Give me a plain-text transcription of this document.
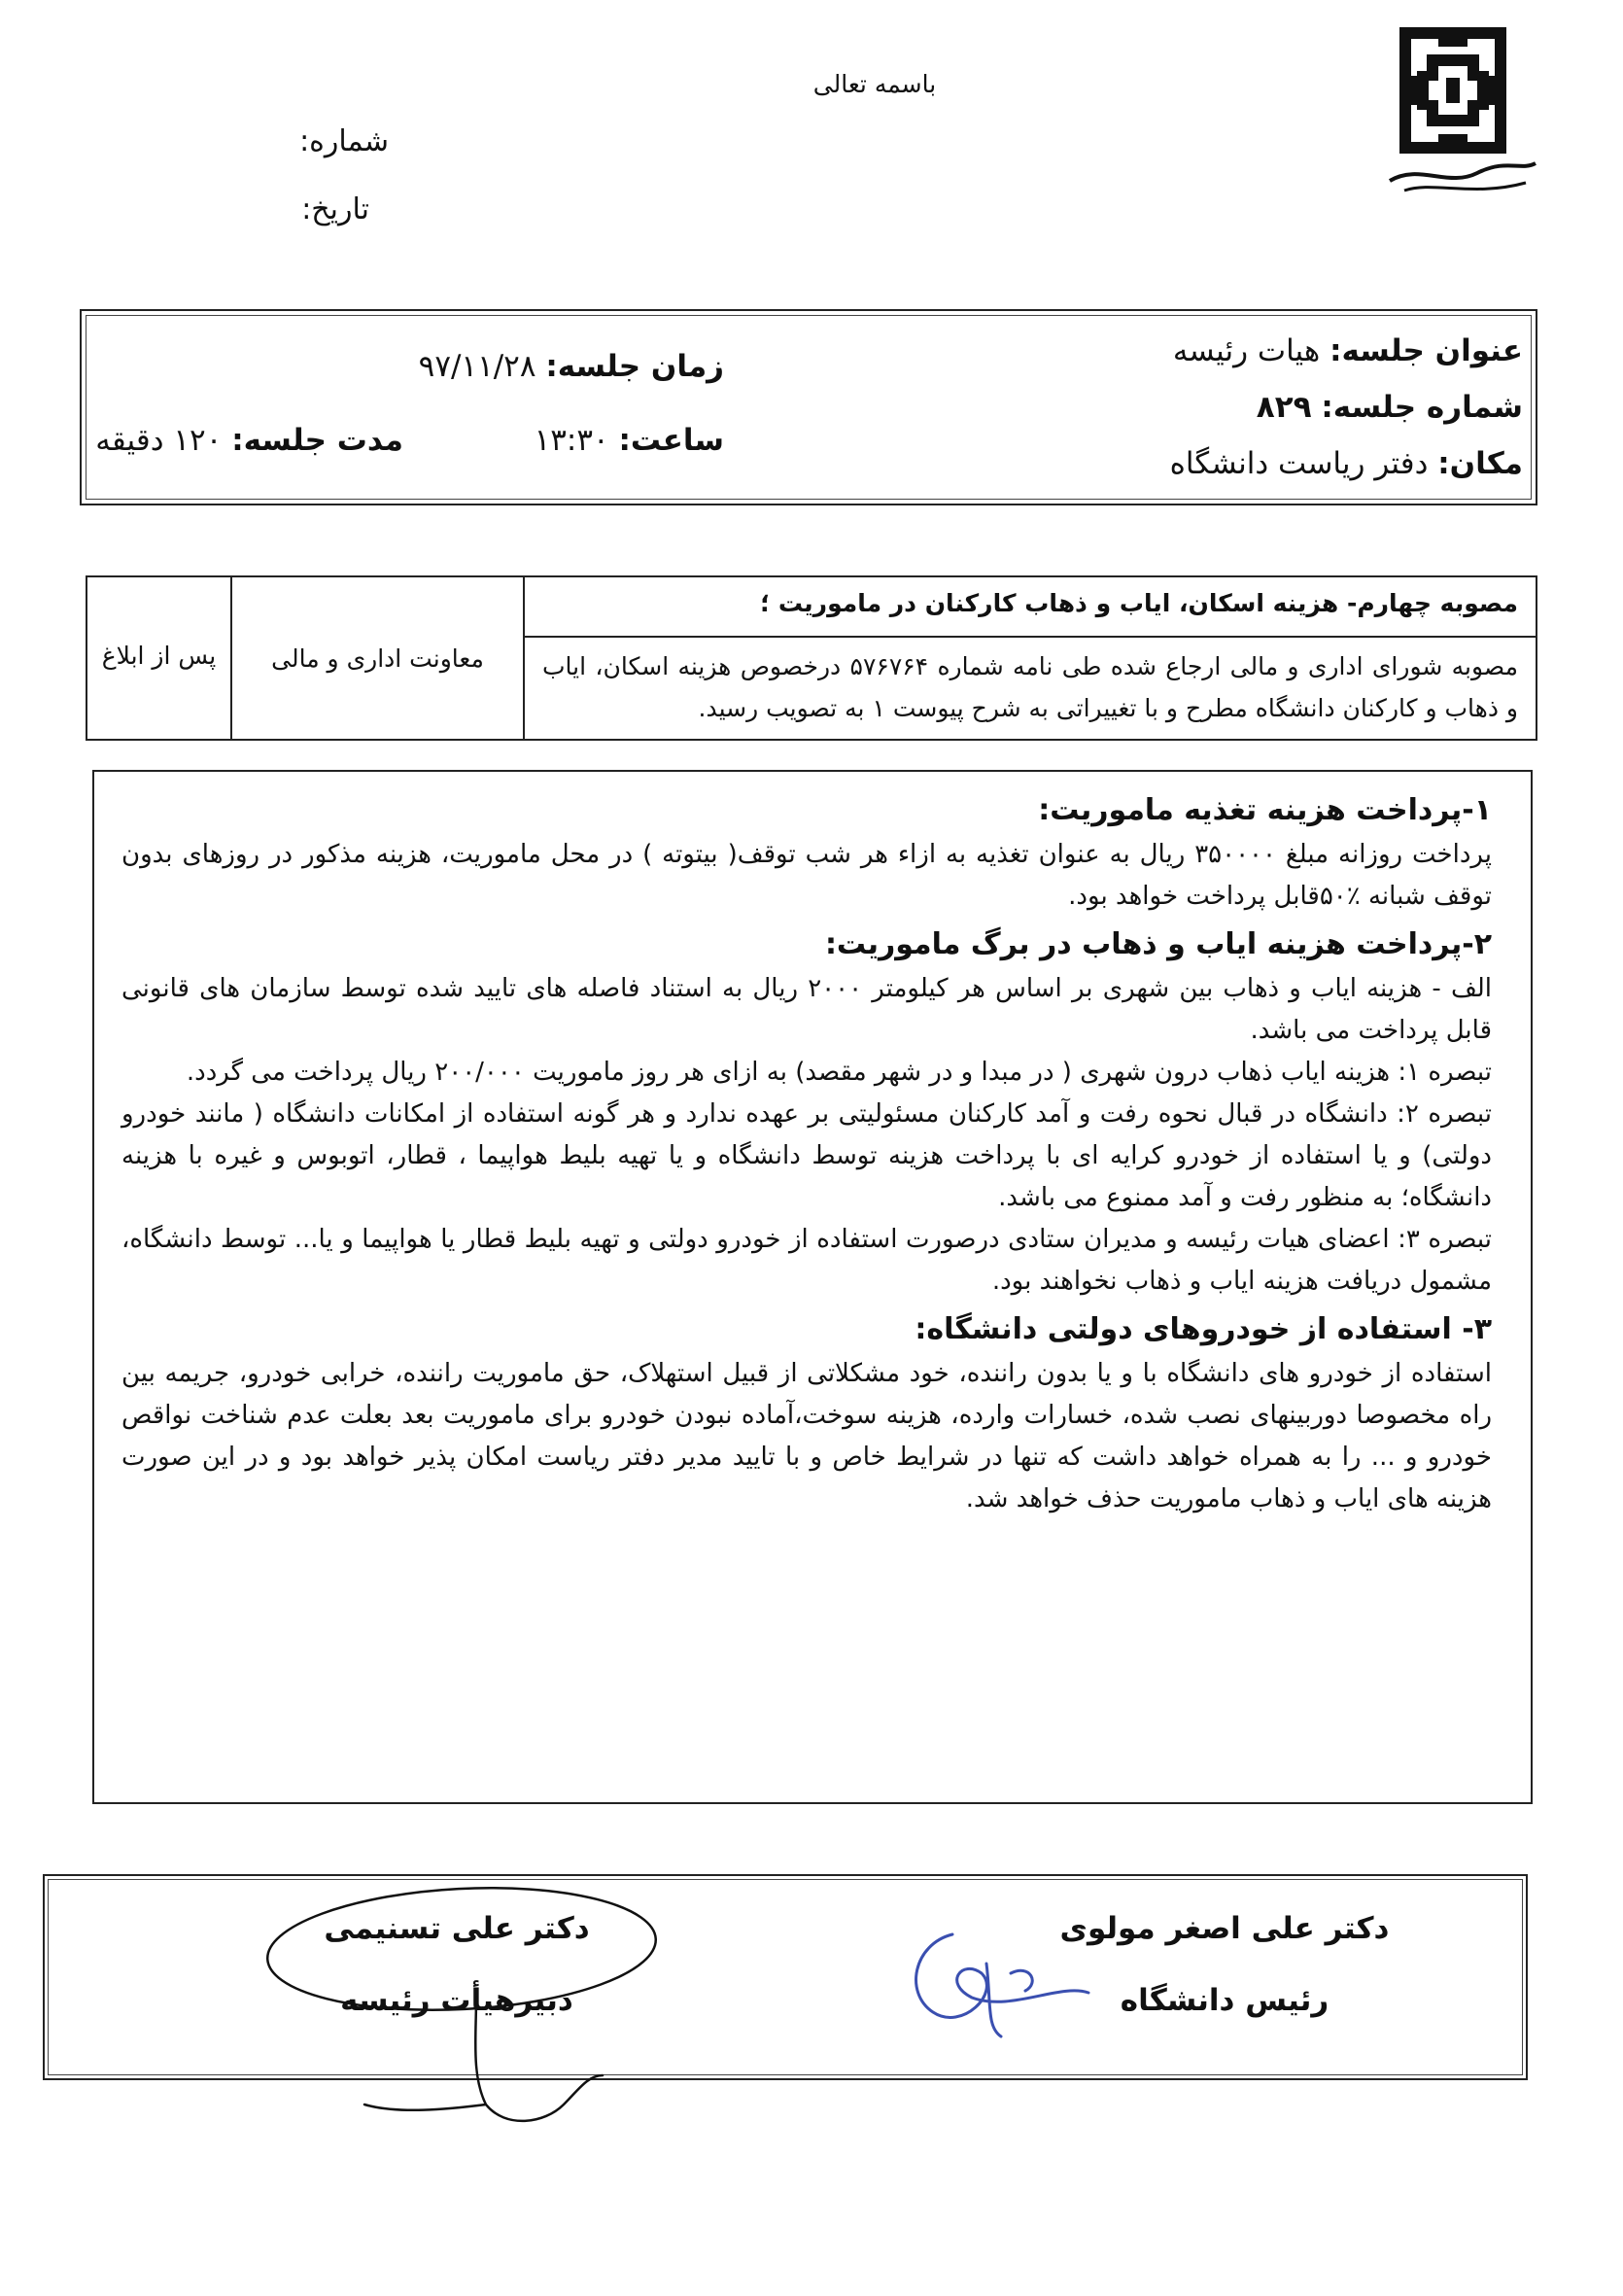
باسمه تعالی
شماره:
تاریخ:
عنوان جلسه: هیات رئیسه
شماره جلسه: ۸۲۹
مکان: دفتر ریاست دانشگاه
زمان جلسه: ۹۷/۱۱/۲۸
ساعت: ۱۳:۳۰
مدت جلسه: ۱۲۰ دقیقه
مصوبه چهارم- هزینه اسکان، ایاب و ذهاب کارکنان در ماموریت ؛	معاونت اداری و مالی	پس از ابلاغ
مصوبه شورای اداری و مالی ارجاع شده طی نامه شماره ۵۷۶۷۶۴ درخصوص هزینه اسکان، ایاب و ذهاب و کارکنان دانشگاه مطرح و با تغییراتی به شرح پیوست ۱ به تصویب رسید.
۱-پرداخت هزینه تغذیه ماموریت:

پرداخت روزانه مبلغ ۳۵۰۰۰۰ ریال به عنوان تغذیه به ازاء هر شب توقف( بیتوته ) در محل ماموریت، هزینه مذکور در روزهای بدون توقف شبانه ٪۵۰قابل پرداخت خواهد بود.

۲-پرداخت هزینه ایاب و ذهاب در برگ ماموریت:

الف - هزینه ایاب و ذهاب بین شهری بر اساس هر کیلومتر ۲۰۰۰ ریال به استناد فاصله های تایید شده توسط سازمان های قانونی قابل پرداخت می باشد.

تبصره ۱: هزینه ایاب ذهاب درون شهری ( در مبدا و در شهر مقصد) به ازای هر روز ماموریت ۲۰۰/۰۰۰ ریال پرداخت می گردد.

تبصره ۲: دانشگاه در قبال نحوه رفت و آمد کارکنان مسئولیتی بر عهده ندارد و هر گونه استفاده از امکانات دانشگاه ( مانند خودرو دولتی) و یا استفاده از خودرو کرایه ای با پرداخت هزینه توسط دانشگاه و یا تهیه بلیط هواپیما ، قطار، اتوبوس و غیره با هزینه دانشگاه؛ به منظور رفت و آمد ممنوع می باشد.

تبصره ۳: اعضای هیات رئیسه و مدیران ستادی درصورت استفاده از خودرو دولتی و تهیه بلیط قطار یا هواپیما و یا... توسط دانشگاه، مشمول دریافت هزینه ایاب و ذهاب نخواهند بود.

۳- استفاده از خودروهای دولتی دانشگاه:

استفاده از خودرو های دانشگاه با و یا بدون راننده، خود مشکلاتی از قبیل استهلاک، حق ماموریت راننده، خرابی خودرو، جریمه بین راه مخصوصا دوربینهای نصب شده، خسارات وارده، هزینه سوخت،آماده نبودن خودرو برای ماموریت بعد بعلت عدم شناخت نواقص خودرو و ... را به همراه خواهد داشت که تنها در شرایط خاص و با تایید مدیر دفتر ریاست امکان پذیر خواهد بود و در این صورت هزینه های ایاب و ذهاب ماموریت حذف خواهد شد.

دکتر علی اصغر مولوی
رئیس دانشگاه
دکتر علی تسنیمی
دبیرهیأت رئیسه
